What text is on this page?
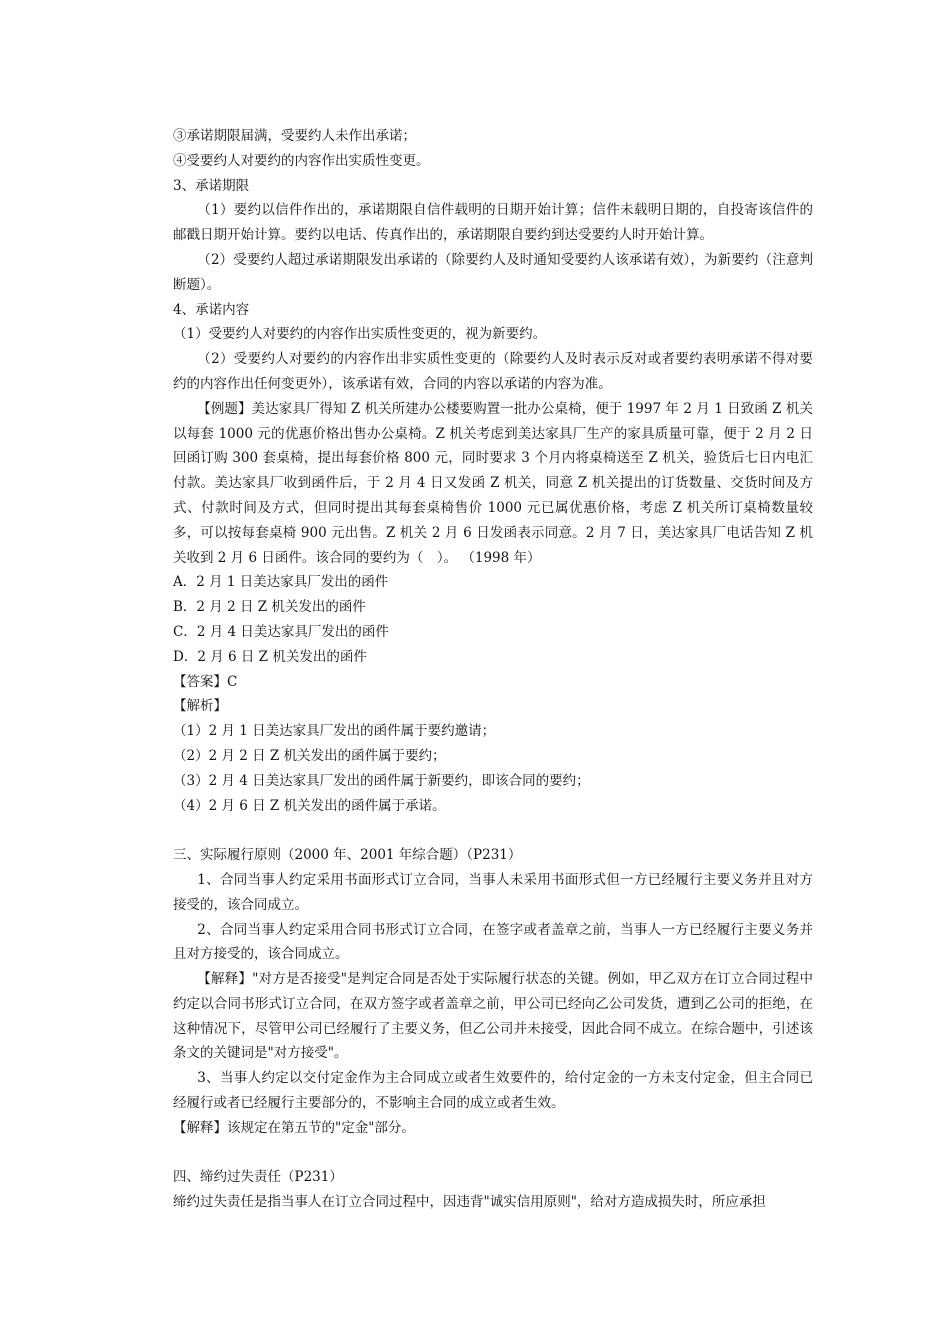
③承诺期限届满，受要约人未作出承诺；

④受要约人对要约的内容作出实质性变更。

3、承诺期限

（1）要约以信件作出的，承诺期限自信件载明的日期开始计算；信件未载明日期的，自投寄该信件的邮戳日期开始计算。要约以电话、传真作出的，承诺期限自要约到达受要约人时开始计算。

（2）受要约人超过承诺期限发出承诺的（除要约人及时通知受要约人该承诺有效），为新要约（注意判断题）。

4、承诺内容

（1）受要约人对要约的内容作出实质性变更的，视为新要约。

（2）受要约人对要约的内容作出非实质性变更的（除要约人及时表示反对或者要约表明承诺不得对要约的内容作出任何变更外），该承诺有效，合同的内容以承诺的内容为准。

【例题】美达家具厂得知 Z 机关所建办公楼要购置一批办公桌椅，便于 1997 年 2 月 1 日致函 Z 机关以每套 1000 元的优惠价格出售办公桌椅。Z 机关考虑到美达家具厂生产的家具质量可靠，便于 2 月 2 日回函订购 300 套桌椅，提出每套价格 800 元，同时要求 3 个月内将桌椅送至 Z 机关，验货后七日内电汇付款。美达家具厂收到函件后，于 2 月 4 日又发函 Z 机关，同意 Z 机关提出的订货数量、交货时间及方式、付款时间及方式，但同时提出其每套桌椅售价 1000 元已属优惠价格，考虑 Z 机关所订桌椅数量较多，可以按每套桌椅 900 元出售。Z 机关 2 月 6 日发函表示同意。2 月 7 日，美达家具厂电话告知 Z 机关收到 2 月 6 日函件。该合同的要约为（　）。 （1998 年）

A．2 月 1 日美达家具厂发出的函件

B．2 月 2 日 Z 机关发出的函件

C．2 月 4 日美达家具厂发出的函件

D．2 月 6 日 Z 机关发出的函件

【答案】C

【解析】

（1）2 月 1 日美达家具厂发出的函件属于要约邀请；

（2）2 月 2 日 Z 机关发出的函件属于要约；

（3）2 月 4 日美达家具厂发出的函件属于新要约，即该合同的要约；

（4）2 月 6 日 Z 机关发出的函件属于承诺。

三、实际履行原则（2000 年、2001 年综合题）（P231）

1、合同当事人约定采用书面形式订立合同，当事人未采用书面形式但一方已经履行主要义务并且对方接受的，该合同成立。

2、合同当事人约定采用合同书形式订立合同，在签字或者盖章之前，当事人一方已经履行主要义务并且对方接受的，该合同成立。

【解释】"对方是否接受"是判定合同是否处于实际履行状态的关键。例如，甲乙双方在订立合同过程中约定以合同书形式订立合同，在双方签字或者盖章之前，甲公司已经向乙公司发货，遭到乙公司的拒绝，在这种情况下，尽管甲公司已经履行了主要义务，但乙公司并未接受，因此合同不成立。在综合题中，引述该条文的关键词是"对方接受"。

3、当事人约定以交付定金作为主合同成立或者生效要件的，给付定金的一方未支付定金，但主合同已经履行或者已经履行主要部分的，不影响主合同的成立或者生效。

【解释】该规定在第五节的"定金"部分。

四、缔约过失责任（P231）

缔约过失责任是指当事人在订立合同过程中，因违背"诚实信用原则"，给对方造成损失时，所应承担
